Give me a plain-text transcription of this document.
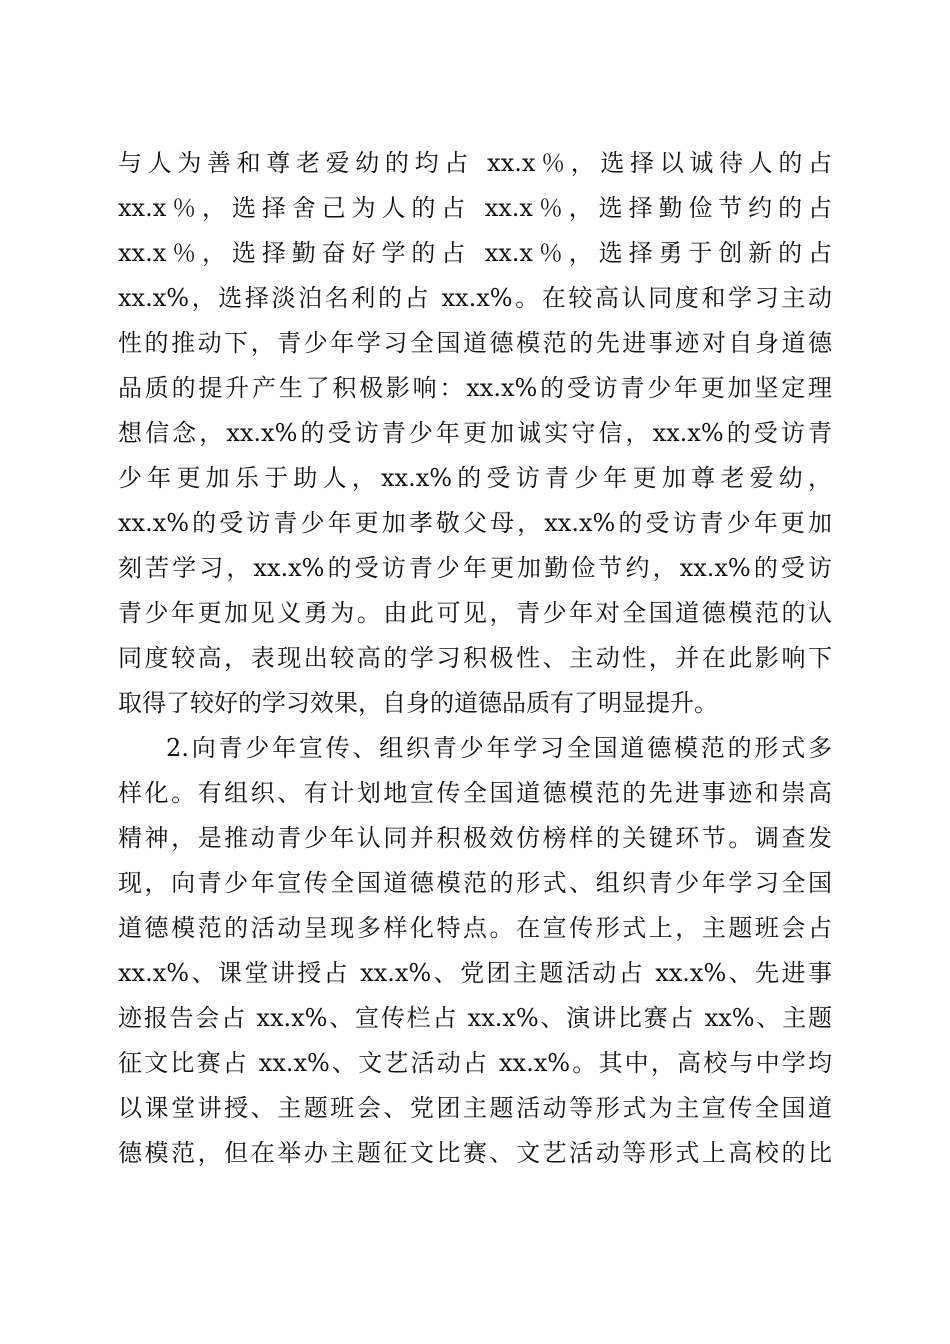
与人为善和尊老爱幼的均占 xx.x％，选择以诚待人的占
xx.x％，选择舍己为人的占 xx.x％，选择勤俭节约的占
xx.x％，选择勤奋好学的占 xx.x％，选择勇于创新的占
xx.x%，选择淡泊名利的占 xx.x%。在较高认同度和学习主动
性的推动下，青少年学习全国道德模范的先进事迹对自身道德
品质的提升产生了积极影响：xx.x%的受访青少年更加坚定理
想信念，xx.x%的受访青少年更加诚实守信，xx.x%的受访青
少年更加乐于助人，xx.x%的受访青少年更加尊老爱幼，
xx.x%的受访青少年更加孝敬父母，xx.x%的受访青少年更加
刻苦学习，xx.x%的受访青少年更加勤俭节约，xx.x%的受访
青少年更加见义勇为。由此可见，青少年对全国道德模范的认
同度较高，表现出较高的学习积极性、主动性，并在此影响下
取得了较好的学习效果，自身的道德品质有了明显提升。
2.向青少年宣传、组织青少年学习全国道德模范的形式多
样化。有组织、有计划地宣传全国道德模范的先进事迹和崇高
精神，是推动青少年认同并积极效仿榜样的关键环节。调查发
现，向青少年宣传全国道德模范的形式、组织青少年学习全国
道德模范的活动呈现多样化特点。在宣传形式上，主题班会占
xx.x%、课堂讲授占 xx.x%、党团主题活动占 xx.x%、先进事
迹报告会占 xx.x%、宣传栏占 xx.x%、演讲比赛占 xx%、主题
征文比赛占 xx.x%、文艺活动占 xx.x%。其中，高校与中学均
以课堂讲授、主题班会、党团主题活动等形式为主宣传全国道
德模范，但在举办主题征文比赛、文艺活动等形式上高校的比
